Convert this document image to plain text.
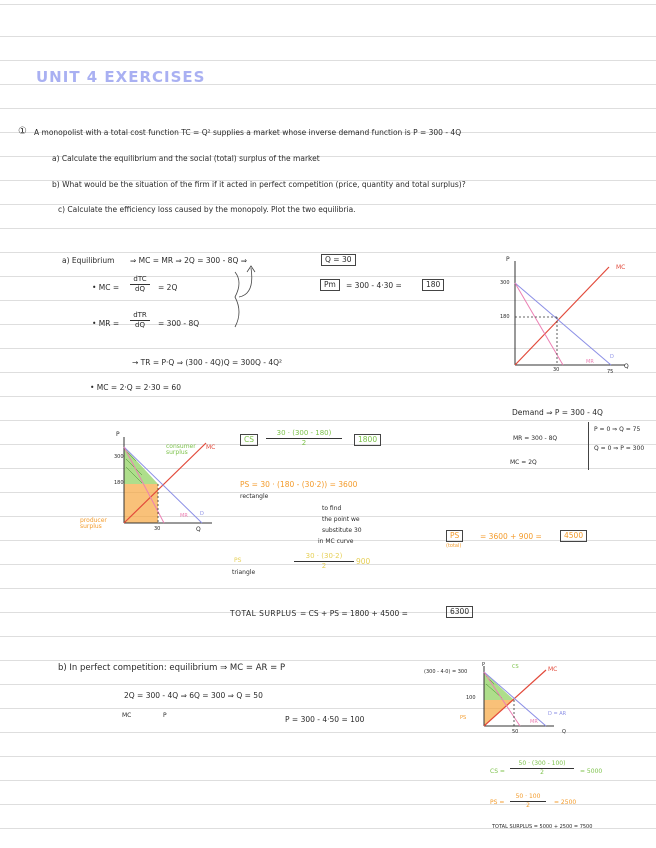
UNIT 4 EXERCISES
① A monopolist with a total cost function TC = Q² supplies a market whose inverse demand function is P = 300 - 4Q
a) Calculate the equilibrium and the social (total) surplus of the market
b) What would be the situation of the firm if it acted in perfect competition (price, quantity and total surplus)?
c) Calculate the efficiency loss caused by the monopoly. Plot the two equilibria.
a) Equilibrium ⇒ MC = MR ⇒ 2Q = 300 - 8Q ⇒	Q = 30
• MC =
dTC
dQ	= 2Q
• MR =
dTR
dQ	= 300 - 8Q
Pm	= 300 - 4·30 =	180
→ TR = P·Q ⇒ (300 - 4Q)Q = 300Q - 4Q²
• MC = 2·Q = 2·30 = 60
P
MC
300
180
30	75
Q
MR
D
Demand ⇒ P = 300 - 4Q
MR = 300 - 8Q
MC = 2Q
P = 0 ⇒ Q = 75
Q = 0 ⇒ P = 300
P
300
180
MC
30	Q
MR D
consumer surplus
producer surplus
CS
30 · (300 - 180)
2	1800
PS = 30 · (180 - (30·2)) = 3600
rectangle
to find
the point we
substitute 30
in MC curve
PS
(total)
= 3600 + 900 =	4500
PS
30 · (30·2)
2	900
triangle
TOTAL SURPLUS = CS + PS = 1800 + 4500 =	6300
b) In perfect competition: equilibrium ⇒ MC = AR = P
2Q = 300 - 4Q ⇒ 6Q = 300 ⇒ Q = 50
MC	P	P = 300 - 4·50 = 100
(300 - 4·0) = 300
P
100
CS
PS
MC
D = AR
MR
50	Q
CS =
50 · (300 - 100)
2	= 5000
PS =
50 · 100
2	= 2500
TOTAL SURPLUS = 5000 + 2500 = 7500
